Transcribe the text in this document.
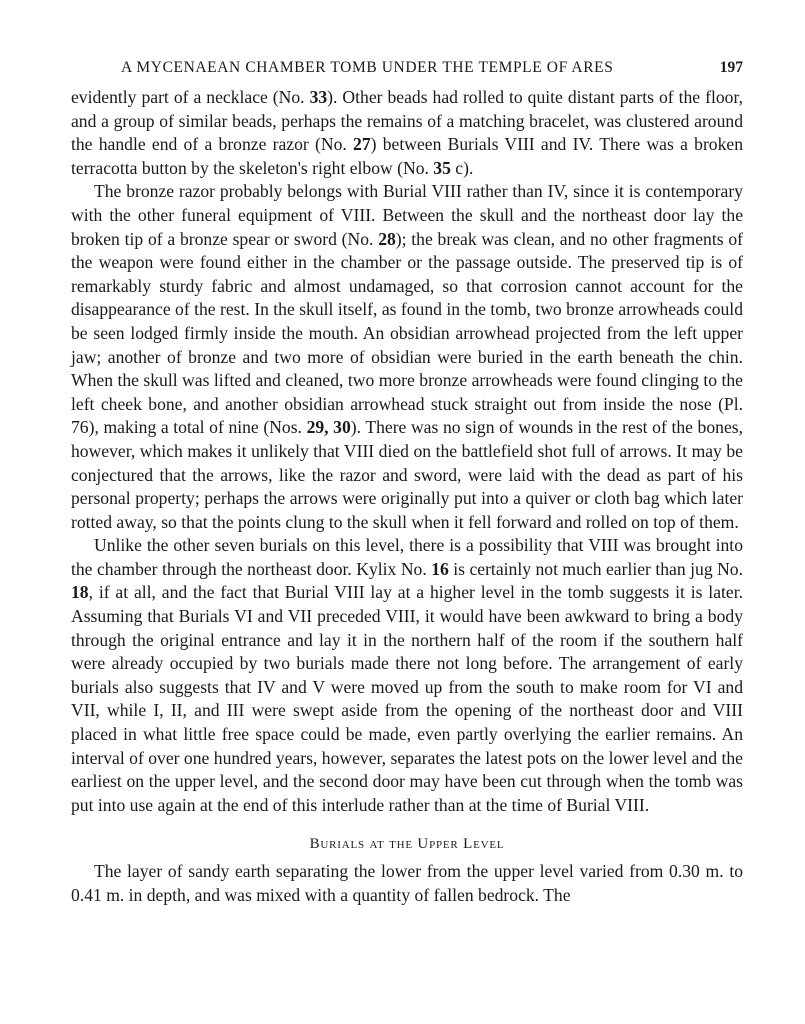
A MYCENAEAN CHAMBER TOMB UNDER THE TEMPLE OF ARES	197

evidently part of a necklace (No. 33). Other beads had rolled to quite distant parts of the floor, and a group of similar beads, perhaps the remains of a matching bracelet, was clustered around the handle end of a bronze razor (No. 27) between Burials VIII and IV. There was a broken terracotta button by the skeleton's right elbow (No. 35 c).

The bronze razor probably belongs with Burial VIII rather than IV, since it is contemporary with the other funeral equipment of VIII. Between the skull and the northeast door lay the broken tip of a bronze spear or sword (No. 28); the break was clean, and no other fragments of the weapon were found either in the chamber or the passage outside. The preserved tip is of remarkably sturdy fabric and almost undamaged, so that corrosion cannot account for the disappearance of the rest. In the skull itself, as found in the tomb, two bronze arrowheads could be seen lodged firmly inside the mouth. An obsidian arrowhead projected from the left upper jaw; another of bronze and two more of obsidian were buried in the earth beneath the chin. When the skull was lifted and cleaned, two more bronze arrowheads were found clinging to the left cheek bone, and another obsidian arrowhead stuck straight out from inside the nose (Pl. 76), making a total of nine (Nos. 29, 30). There was no sign of wounds in the rest of the bones, however, which makes it unlikely that VIII died on the battlefield shot full of arrows. It may be conjectured that the arrows, like the razor and sword, were laid with the dead as part of his personal property; perhaps the arrows were originally put into a quiver or cloth bag which later rotted away, so that the points clung to the skull when it fell forward and rolled on top of them.

Unlike the other seven burials on this level, there is a possibility that VIII was brought into the chamber through the northeast door. Kylix No. 16 is certainly not much earlier than jug No. 18, if at all, and the fact that Burial VIII lay at a higher level in the tomb suggests it is later. Assuming that Burials VI and VII preceded VIII, it would have been awkward to bring a body through the original entrance and lay it in the northern half of the room if the southern half were already occupied by two burials made there not long before. The arrangement of early burials also suggests that IV and V were moved up from the south to make room for VI and VII, while I, II, and III were swept aside from the opening of the northeast door and VIII placed in what little free space could be made, even partly overlying the earlier remains. An interval of over one hundred years, however, separates the latest pots on the lower level and the earliest on the upper level, and the second door may have been cut through when the tomb was put into use again at the end of this interlude rather than at the time of Burial VIII.

Burials at the Upper Level

The layer of sandy earth separating the lower from the upper level varied from 0.30 m. to 0.41 m. in depth, and was mixed with a quantity of fallen bedrock. The
